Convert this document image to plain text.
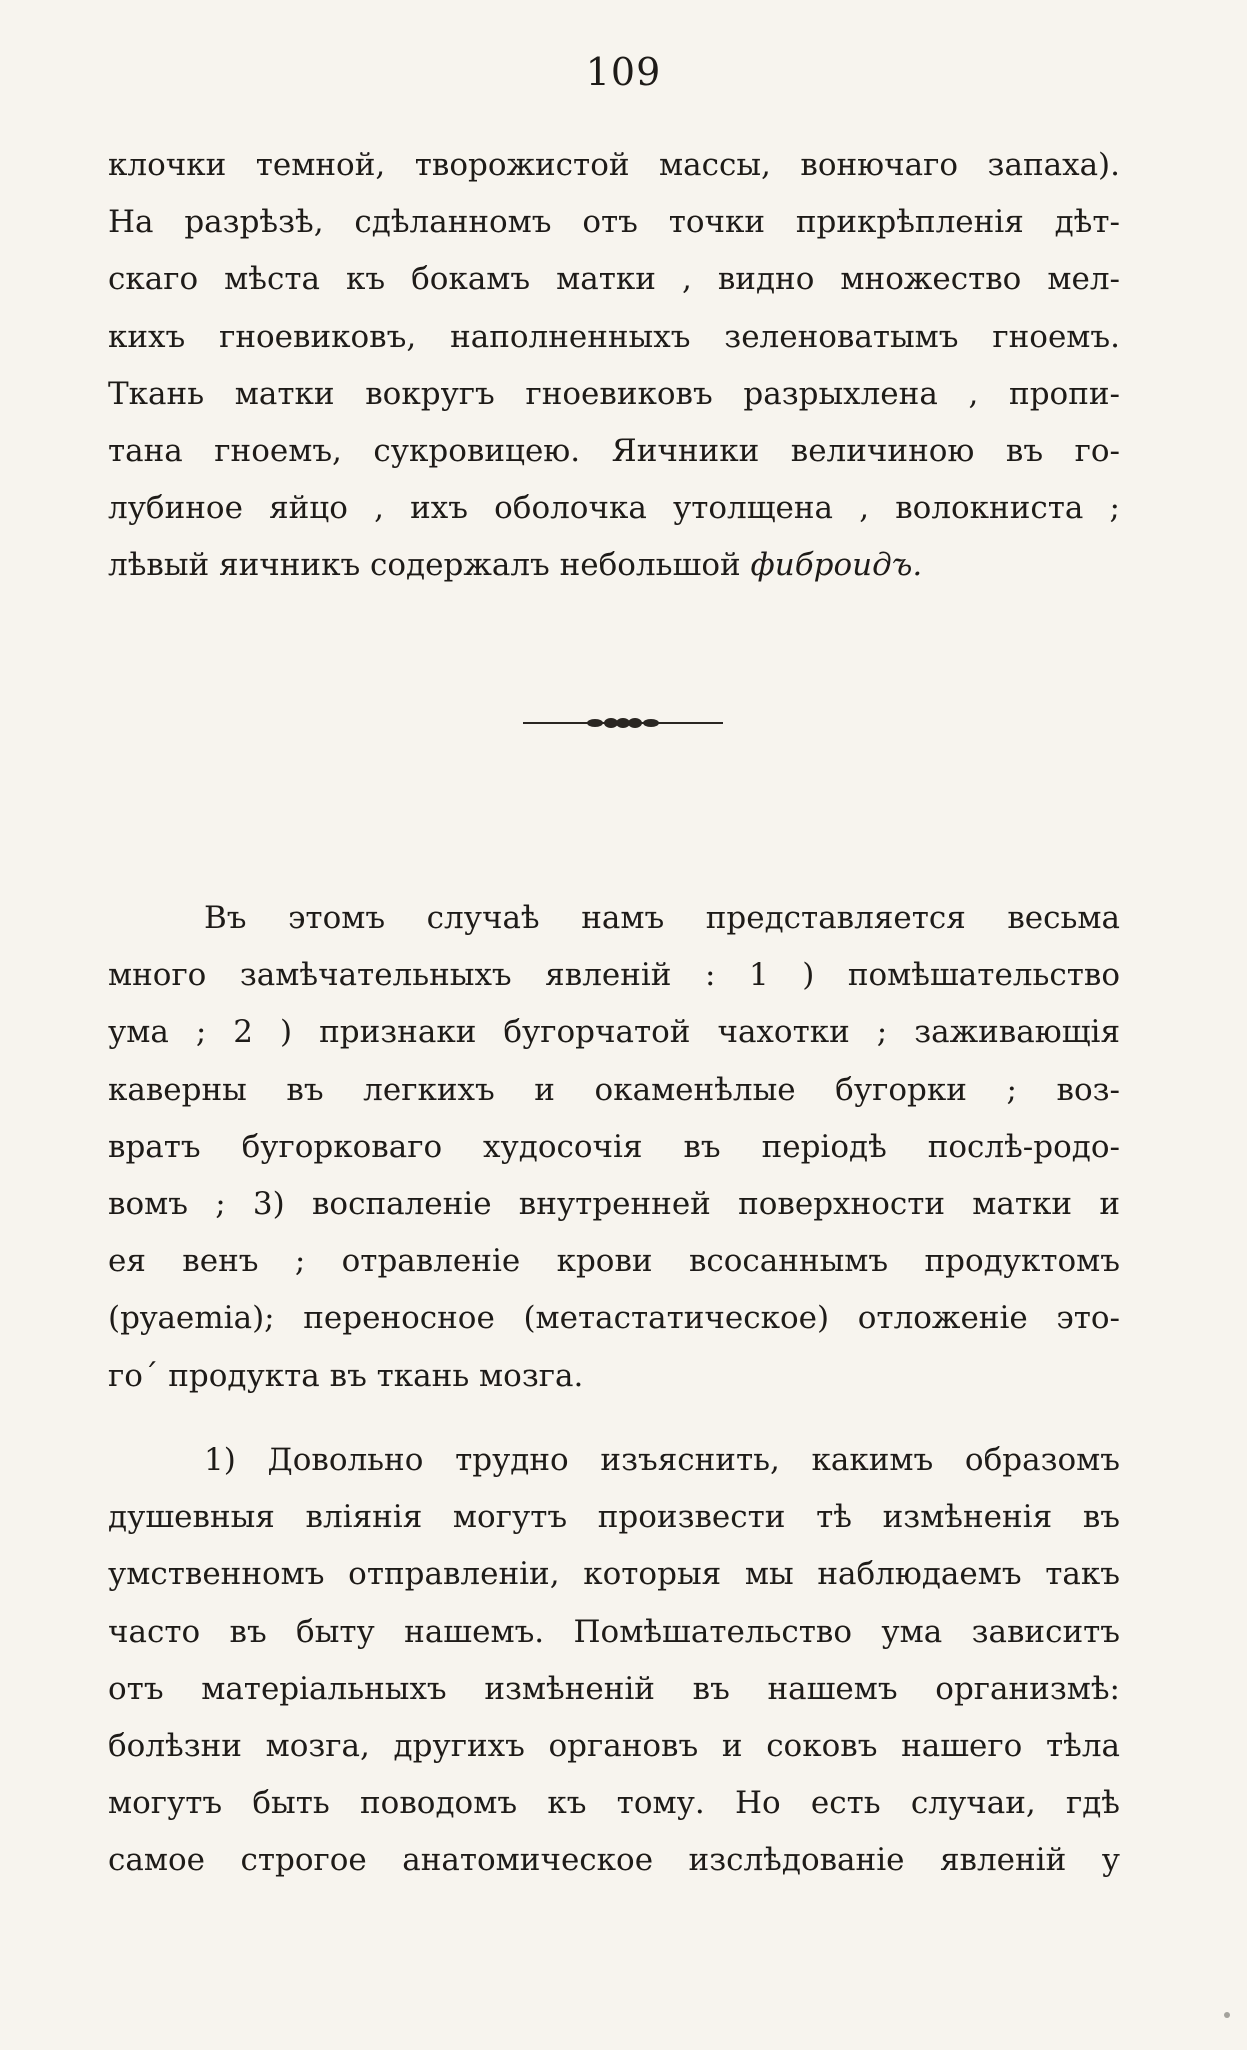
109
клочки темной, творожистой массы, вонючаго запаха).
На разрѣзѣ, сдѣланномъ отъ точки прикрѣпленія дѣт-
скаго мѣста къ бокамъ матки , видно множество мел-
кихъ гноевиковъ, наполненныхъ зеленоватымъ гноемъ.
Ткань матки вокругъ гноевиковъ разрыхлена , пропи-
тана гноемъ, сукровицею. Яичники величиною въ го-
лубиное яйцо , ихъ оболочка утолщена , волокниста ;
лѣвый яичникъ содержалъ небольшой фиброидъ.
Въ этомъ случаѣ намъ представляется весьма
много замѣчательныхъ явленій : 1 ) помѣшательство
ума ; 2 ) признаки бугорчатой чахотки ; заживающія
каверны въ легкихъ и окаменѣлые бугорки ; воз-
вратъ бугорковаго худосочія въ періодѣ послѣ-родо-
вомъ ; 3) воспаленіе внутренней поверхности матки и
ея венъ ; отравленіе крови всосаннымъ продуктомъ
(pyaemia); переносное (метастатическое) отложеніе это-
го´ продукта въ ткань мозга.
1) Довольно трудно изъяснить, какимъ образомъ
душевныя вліянія могутъ произвести тѣ измѣненія въ
умственномъ отправленіи, которыя мы наблюдаемъ такъ
часто въ быту нашемъ. Помѣшательство ума зависитъ
отъ матеріальныхъ измѣненій въ нашемъ организмѣ:
болѣзни мозга, другихъ органовъ и соковъ нашего тѣла
могутъ быть поводомъ къ тому. Но есть случаи, гдѣ
самое строгое анатомическое изслѣдованіе явленій у
